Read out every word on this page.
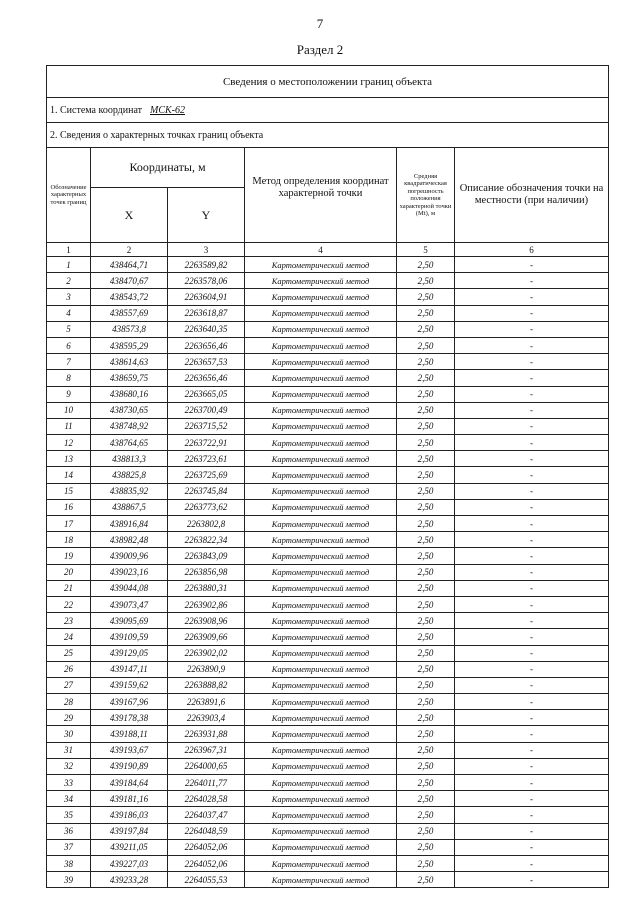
7
Раздел 2
Сведения о местоположении границ объекта					
1. Система координат МСК-62					
2. Сведения о характерных точках границ объекта					
Обозначение характерных точек границ	Координаты, м		Метод определения координат характерной точки	Средняя квадратическая погрешность положения характерной точки (Mt), м	Описание обозначения точки на местности (при наличии)
	X	Y			
1	2	3	4	5	6
1	438464,71	2263589,82	Картометрический метод	2,50	-
2	438470,67	2263578,06	Картометрический метод	2,50	-
3	438543,72	2263604,91	Картометрический метод	2,50	-
4	438557,69	2263618,87	Картометрический метод	2,50	-
5	438573,8	2263640,35	Картометрический метод	2,50	-
6	438595,29	2263656,46	Картометрический метод	2,50	-
7	438614,63	2263657,53	Картометрический метод	2,50	-
8	438659,75	2263656,46	Картометрический метод	2,50	-
9	438680,16	2263665,05	Картометрический метод	2,50	-
10	438730,65	2263700,49	Картометрический метод	2,50	-
11	438748,92	2263715,52	Картометрический метод	2,50	-
12	438764,65	2263722,91	Картометрический метод	2,50	-
13	438813,3	2263723,61	Картометрический метод	2,50	-
14	438825,8	2263725,69	Картометрический метод	2,50	-
15	438835,92	2263745,84	Картометрический метод	2,50	-
16	438867,5	2263773,62	Картометрический метод	2,50	-
17	438916,84	2263802,8	Картометрический метод	2,50	-
18	438982,48	2263822,34	Картометрический метод	2,50	-
19	439009,96	2263843,09	Картометрический метод	2,50	-
20	439023,16	2263856,98	Картометрический метод	2,50	-
21	439044,08	2263880,31	Картометрический метод	2,50	-
22	439073,47	2263902,86	Картометрический метод	2,50	-
23	439095,69	2263908,96	Картометрический метод	2,50	-
24	439109,59	2263909,66	Картометрический метод	2,50	-
25	439129,05	2263902,02	Картометрический метод	2,50	-
26	439147,11	2263890,9	Картометрический метод	2,50	-
27	439159,62	2263888,82	Картометрический метод	2,50	-
28	439167,96	2263891,6	Картометрический метод	2,50	-
29	439178,38	2263903,4	Картометрический метод	2,50	-
30	439188,11	2263931,88	Картометрический метод	2,50	-
31	439193,67	2263967,31	Картометрический метод	2,50	-
32	439190,89	2264000,65	Картометрический метод	2,50	-
33	439184,64	2264011,77	Картометрический метод	2,50	-
34	439181,16	2264028,58	Картометрический метод	2,50	-
35	439186,03	2264037,47	Картометрический метод	2,50	-
36	439197,84	2264048,59	Картометрический метод	2,50	-
37	439211,05	2264052,06	Картометрический метод	2,50	-
38	439227,03	2264052,06	Картометрический метод	2,50	-
39	439233,28	2264055,53	Картометрический метод	2,50	-
